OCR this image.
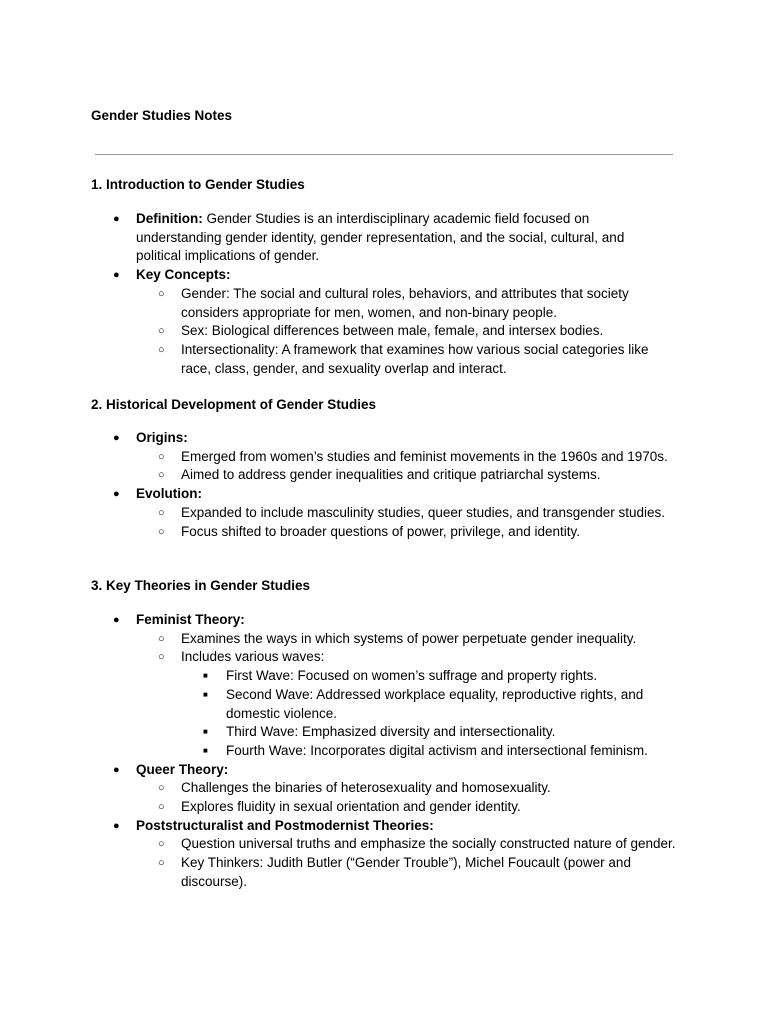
Gender Studies Notes

1. Introduction to Gender Studies

● Definition: Gender Studies is an interdisciplinary academic field focused on understanding gender identity, gender representation, and the social, cultural, and political implications of gender.
● Key Concepts:
○ Gender: The social and cultural roles, behaviors, and attributes that society considers appropriate for men, women, and non-binary people.
○ Sex: Biological differences between male, female, and intersex bodies.
○ Intersectionality: A framework that examines how various social categories like race, class, gender, and sexuality overlap and interact.

2. Historical Development of Gender Studies

● Origins:
○ Emerged from women’s studies and feminist movements in the 1960s and 1970s.
○ Aimed to address gender inequalities and critique patriarchal systems.
● Evolution:
○ Expanded to include masculinity studies, queer studies, and transgender studies.
○ Focus shifted to broader questions of power, privilege, and identity.

3. Key Theories in Gender Studies

● Feminist Theory:
○ Examines the ways in which systems of power perpetuate gender inequality.
○ Includes various waves:
■ First Wave: Focused on women’s suffrage and property rights.
■ Second Wave: Addressed workplace equality, reproductive rights, and domestic violence.
■ Third Wave: Emphasized diversity and intersectionality.
■ Fourth Wave: Incorporates digital activism and intersectional feminism.
● Queer Theory:
○ Challenges the binaries of heterosexuality and homosexuality.
○ Explores fluidity in sexual orientation and gender identity.
● Poststructuralist and Postmodernist Theories:
○ Question universal truths and emphasize the socially constructed nature of gender.
○ Key Thinkers: Judith Butler (“Gender Trouble”), Michel Foucault (power and discourse).
